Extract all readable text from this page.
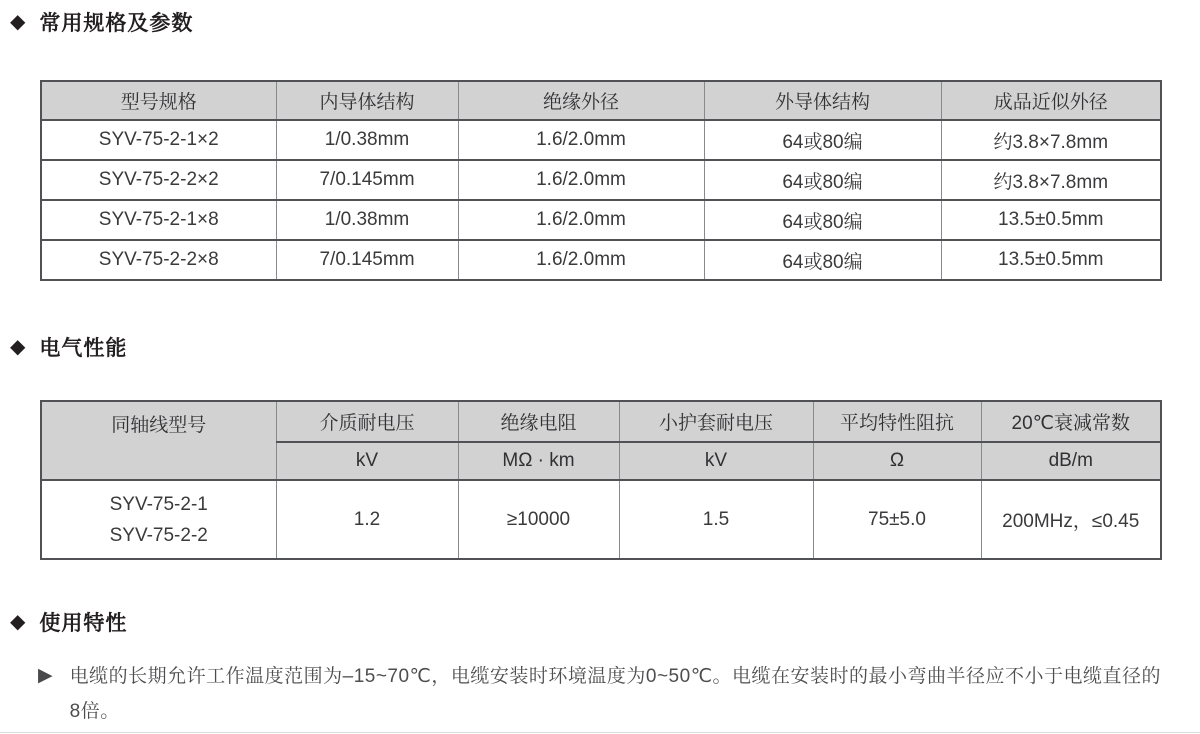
◆ 常用规格及参数
型号规格	内导体结构	绝缘外径	外导体结构	成品近似外径
SYV-75-2-1×2	1/0.38mm	1.6/2.0mm	64或80编	约3.8×7.8mm
SYV-75-2-2×2	7/0.145mm	1.6/2.0mm	64或80编	约3.8×7.8mm
SYV-75-2-1×8	1/0.38mm	1.6/2.0mm	64或80编	13.5±0.5mm
SYV-75-2-2×8	7/0.145mm	1.6/2.0mm	64或80编	13.5±0.5mm
◆ 电气性能
同轴线型号	介质耐电压	绝缘电阻	小护套耐电压	平均特性阻抗	20℃衰减常数
	kV	MΩ · km	kV	Ω	dB/m

SYV-75-2-1
SYV-75-2-2	1.2	≥10000	1.5	75±5.0	200MHz，≤0.45
◆ 使用特性
▶ 电缆的长期允许工作温度范围为–15~70℃，电缆安装时环境温度为0~50℃。电缆在安装时的最小弯曲半径应不小于电缆直径的8倍。
